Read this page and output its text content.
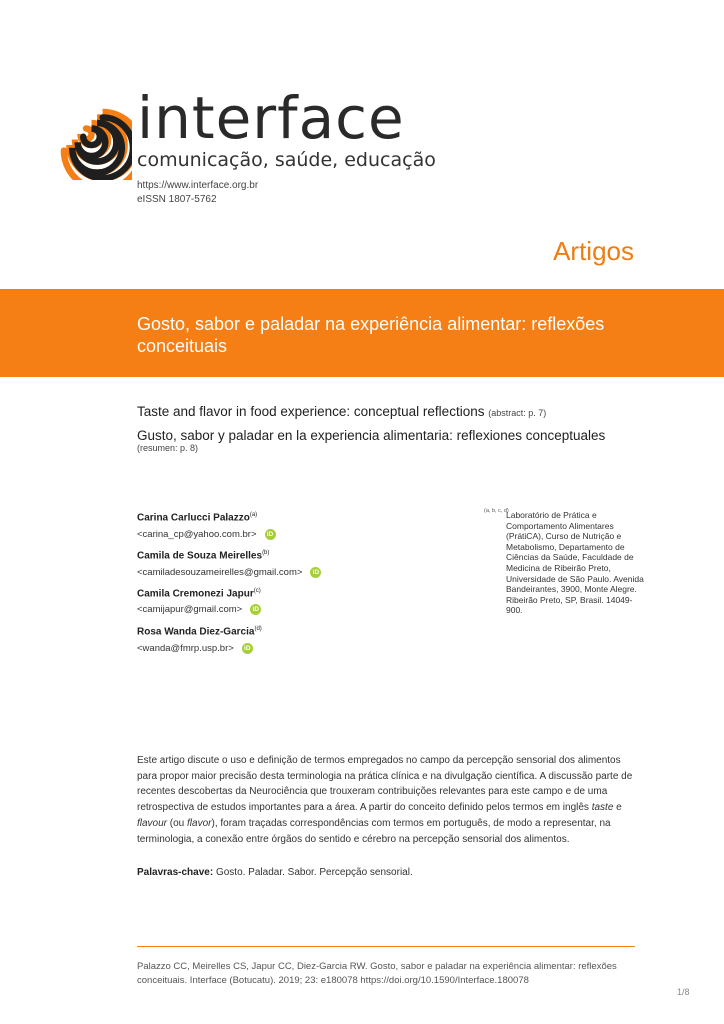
interface
comunicação, saúde, educação
https://www.interface.org.br
eISSN 1807-5762
Artigos
Gosto, sabor e paladar na experiência alimentar: reflexões conceituais
Taste and flavor in food experience: conceptual reflections (abstract: p. 7)
Gusto, sabor y paladar en la experiencia alimentaria: reflexiones conceptuales
(resumen: p. 8)
Carina Carlucci Palazzo$^{(a)}$
<carina_cp@yahoo.com.br> iD
Camila de Souza Meirelles$^{(b)}$
<camiladesouzameirelles@gmail.com> iD
Camila Cremonezi Japur$^{(c)}$
<camijapur@gmail.com> iD
Rosa Wanda Diez-Garcia$^{(d)}$
<wanda@fmrp.usp.br> iD
(a, b, c, d)
Laboratório de Prática e Comportamento Alimentares (PrátiCA), Curso de Nutrição e Metabolismo, Departamento de Ciências da Saúde, Faculdade de Medicina de Ribeirão Preto, Universidade de São Paulo. Avenida Bandeirantes, 3900, Monte Alegre. Ribeirão Preto, SP, Brasil. 14049-900.
Este artigo discute o uso e definição de termos empregados no campo da percepção sensorial dos alimentos para propor maior precisão desta terminologia na prática clínica e na divulgação científica. A discussão parte de recentes descobertas da Neurociência que trouxeram contribuições relevantes para este campo e de uma retrospectiva de estudos importantes para a área. A partir do conceito definido pelos termos em inglês taste e flavour (ou flavor), foram traçadas correspondências com termos em português, de modo a representar, na terminologia, a conexão entre órgãos do sentido e cérebro na percepção sensorial dos alimentos.
Palavras-chave: Gosto. Paladar. Sabor. Percepção sensorial.
Palazzo CC, Meirelles CS, Japur CC, Diez-Garcia RW. Gosto, sabor e paladar na experiência alimentar: reflexões conceituais. Interface (Botucatu). 2019; 23: e180078 https://doi.org/10.1590/Interface.180078
1/8
